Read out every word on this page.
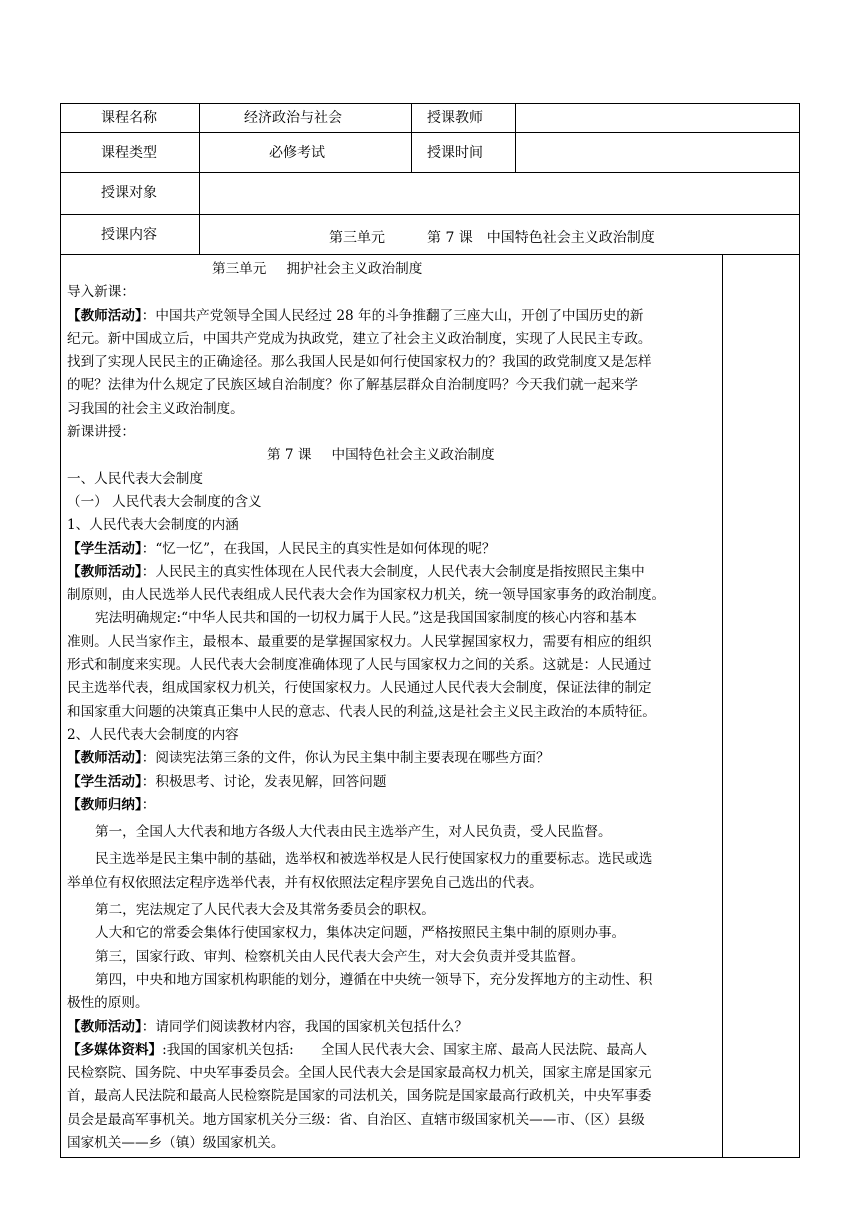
课程名称	经济政治与社会	授课教师
课程类型	必修考试	授课时间
授课对象
授课内容	第三单元	第 7 课　中国特色社会主义政治制度

第三单元 拥护社会主义政治制度

导入新课：

【教师活动】：中国共产党领导全国人民经过 28 年的斗争推翻了三座大山，开创了中国历史的新

纪元。新中国成立后，中国共产党成为执政党，建立了社会主义政治制度，实现了人民民主专政。

找到了实现人民民主的正确途径。那么我国人民是如何行使国家权力的？我国的政党制度又是怎样

的呢？法律为什么规定了民族区域自治制度？你了解基层群众自治制度吗？今天我们就一起来学

习我国的社会主义政治制度。

新课讲授：

第 7 课 中国特色社会主义政治制度

一、人民代表大会制度

（一） 人民代表大会制度的含义

1、人民代表大会制度的内涵

【学生活动】：“忆一忆”，在我国，人民民主的真实性是如何体现的呢？

【教师活动】：人民民主的真实性体现在人民代表大会制度，人民代表大会制度是指按照民主集中

制原则，由人民选举人民代表组成人民代表大会作为国家权力机关，统一领导国家事务的政治制度。

宪法明确规定:“中华人民共和国的一切权力属于人民。”这是我国国家制度的核心内容和基本

准则。人民当家作主，最根本、最重要的是掌握国家权力。人民掌握国家权力，需要有相应的组织

形式和制度来实现。人民代表大会制度准确体现了人民与国家权力之间的关系。这就是：人民通过

民主选举代表，组成国家权力机关，行使国家权力。人民通过人民代表大会制度，保证法律的制定

和国家重大问题的决策真正集中人民的意志、代表人民的利益,这是社会主义民主政治的本质特征。

2、人民代表大会制度的内容

【教师活动】：阅读宪法第三条的文件，你认为民主集中制主要表现在哪些方面？

【学生活动】：积极思考、讨论，发表见解，回答问题

【教师归纳】：

第一，全国人大代表和地方各级人大代表由民主选举产生，对人民负责，受人民监督。

民主选举是民主集中制的基础，选举权和被选举权是人民行使国家权力的重要标志。选民或选

举单位有权依照法定程序选举代表，并有权依照法定程序罢免自己选出的代表。

第二，宪法规定了人民代表大会及其常务委员会的职权。

人大和它的常委会集体行使国家权力，集体决定问题，严格按照民主集中制的原则办事。

第三，国家行政、审判、检察机关由人民代表大会产生，对大会负责并受其监督。

第四，中央和地方国家机构职能的划分，遵循在中央统一领导下，充分发挥地方的主动性、积

极性的原则。

【教师活动】：请同学们阅读教材内容，我国的国家机关包括什么？

【多媒体资料】:我国的国家机关包括:　　全国人民代表大会、国家主席、最高人民法院、最高人

民检察院、国务院、中央军事委员会。全国人民代表大会是国家最高权力机关，国家主席是国家元

首，最高人民法院和最高人民检察院是国家的司法机关，国务院是国家最高行政机关，中央军事委

员会是最高军事机关。地方国家机关分三级：省、自治区、直辖市级国家机关——市、（区）县级

国家机关——乡（镇）级国家机关。
